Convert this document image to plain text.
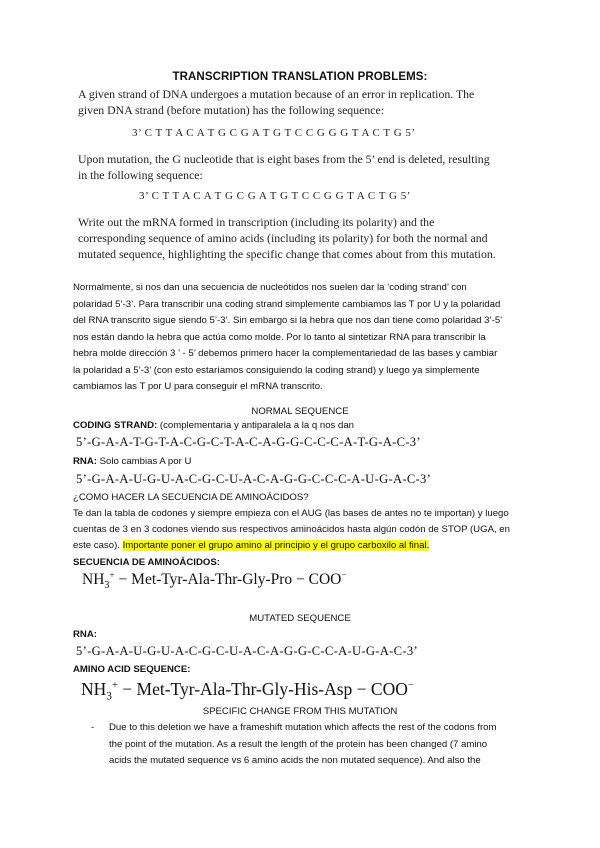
TRANSCRIPTION TRANSLATION PROBLEMS:
A given strand of DNA undergoes a mutation because of an error in replication. The
given DNA strand (before mutation) has the following sequence:
3’ C T T A C A T G C G A T G T C C G G G T A C T G 5’
Upon mutation, the G nucleotide that is eight bases from the 5’ end is deleted, resulting
in the following sequence:
3’ C T T A C A T G C G A T G T C C G G T A C T G 5’
Write out the mRNA formed in transcription (including its polarity) and the
corresponding sequence of amino acids (including its polarity) for both the normal and
mutated sequence, highlighting the specific change that comes about from this mutation.
Normalmente, si nos dan una secuencia de nucleótidos nos suelen dar la ‘coding strand’ con
polaridad 5’-3’. Para transcribir una coding strand simplemente cambiamos las T por U y la polaridad
del RNA transcrito sigue siendo 5’-3’. Sin embargo si la hebra que nos dan tiene como polaridad 3’-5’
nos están dando la hebra que actúa como molde. Por lo tanto al sintetizar RNA para transcribir la
hebra molde dirección 3 ’ - 5’ debemos primero hacer la complementariedad de las bases y cambiar
la polaridad a 5’-3’ (con esto estaríamos consiguiendo la coding strand) y luego ya simplemente
cambiamos las T por U para conseguir el mRNA transcrito.
NORMAL SEQUENCE
CODING STRAND: (complementaria y antiparalela a la q nos dan
5’-G-A-A-T-G-T-A-C-G-C-T-A-C-A-G-G-C-C-C-A-T-G-A-C-3’
RNA: Solo cambias A por U
5’-G-A-A-U-G-U-A-C-G-C-U-A-C-A-G-G-C-C-C-A-U-G-A-C-3’
¿COMO HACER LA SECUENCIA DE AMINOÁCIDOS?
Te dan la tabla de codones y siempre empieza con el AUG (las bases de antes no te importan) y luego
cuentas de 3 en 3 codones viendo sus respectivos aminoácidos hasta algún codón de STOP (UGA, en
este caso). Importante poner el grupo amino al principio y el grupo carboxilo al final.
SECUENCIA DE AMINOÁCIDOS:
$NH_3^+ - Met-Tyr-Ala-Thr-Gly-Pro - COO^-$
MUTATED SEQUENCE
RNA:
5’-G-A-A-U-G-U-A-C-G-C-U-A-C-A-G-G-C-C-A-U-G-A-C-3’
AMINO ACID SEQUENCE:
$NH_3^+ - Met-Tyr-Ala-Thr-Gly-His-Asp - COO^-$
SPECIFIC CHANGE FROM THIS MUTATION
- Due to this deletion we have a frameshift mutation which affects the rest of the codons from
the point of the mutation. As a result the length of the protein has been changed (7 amino
acids the mutated sequence vs 6 amino acids the non mutated sequence). And also the
